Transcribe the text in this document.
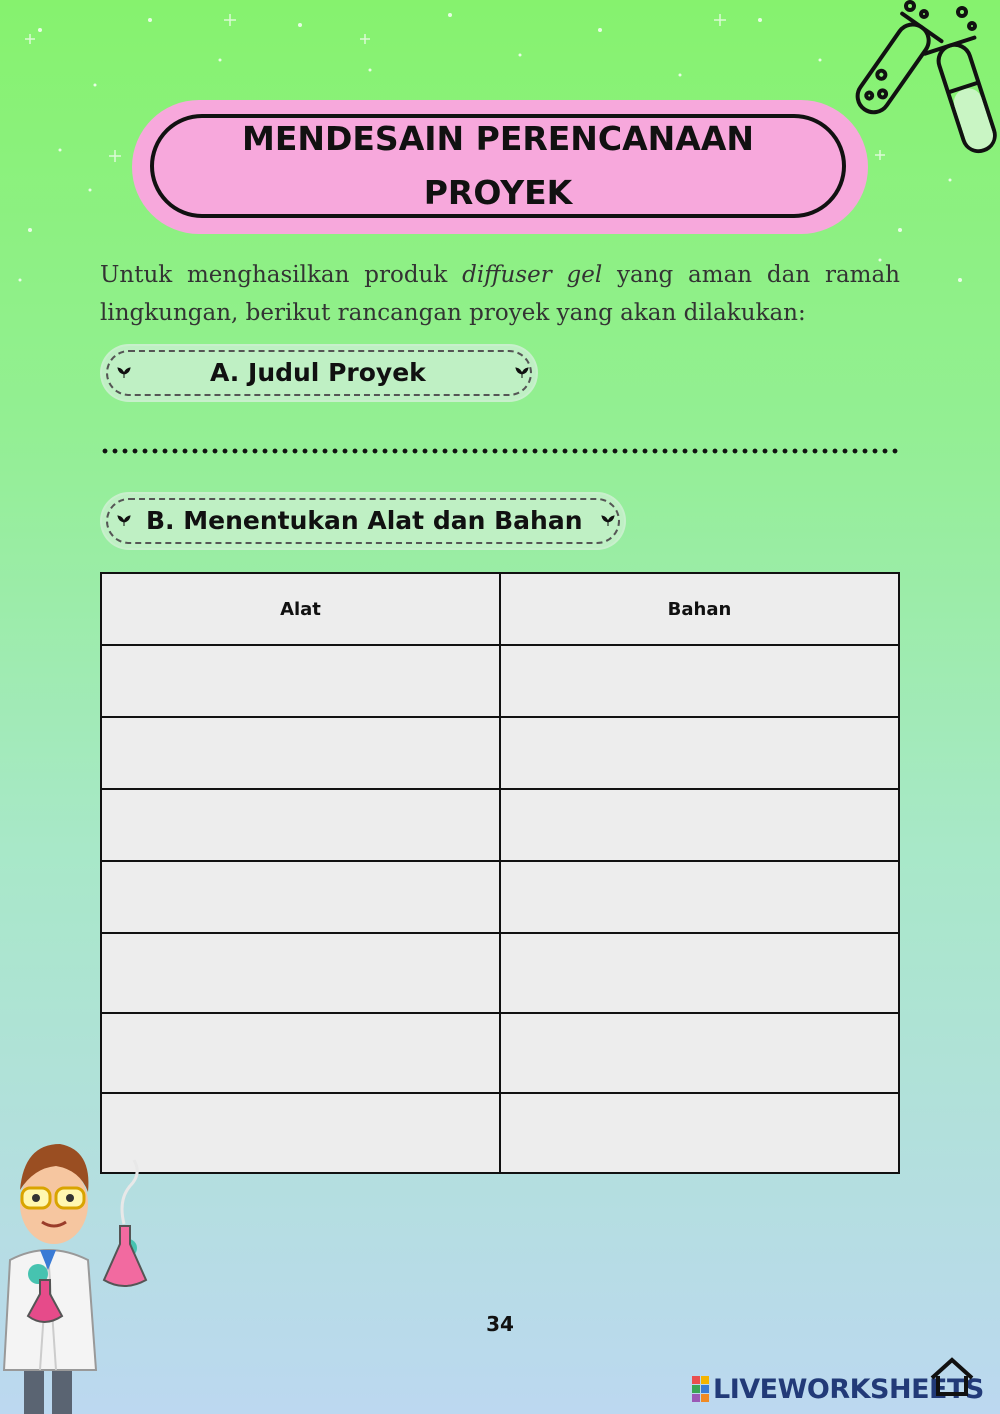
MENDESAIN PERENCANAAN PROYEK
Untuk menghasilkan produk diffuser gel yang aman dan ramah lingkungan, berikut rancangan proyek yang akan dilakukan:
A. Judul Proyek
B. Menentukan Alat dan Bahan
Alat	Bahan

34
LIVEWORKSHEETS
